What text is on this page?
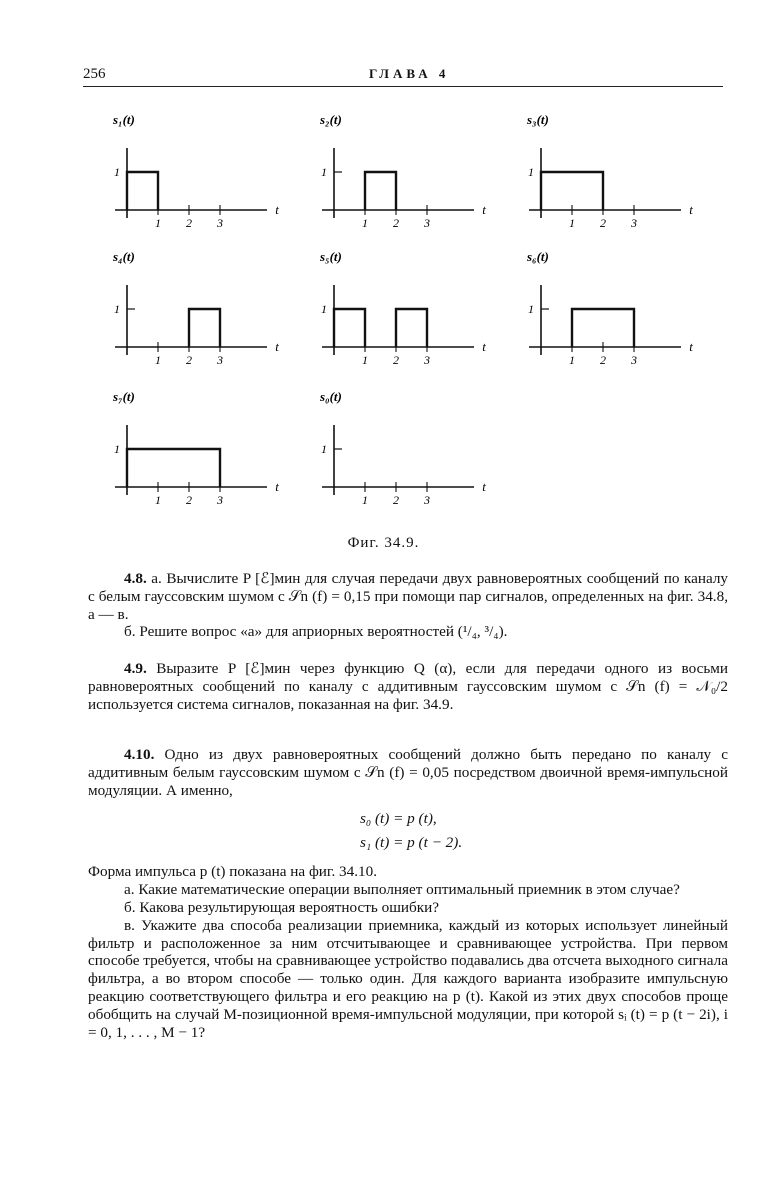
256	ГЛАВА 4
1
1 2 3
t
s₁(t)
1
1 2 3
t
s₂(t)
1
1 2 3
t
s₃(t)
1
1 2 3
t
s₄(t)
1
1 2 3
t
s₅(t)
1
1 2 3
t
s₆(t)
1
1 2 3
t
s₇(t)
1
1 2 3
t
s₀(t)
Фиг. 34.9.

4.8. а. Вычислите P [ℰ]мин для случая передачи двух равновероятных сообщений по каналу с белым гауссовским шумом с 𝒮n (f) = 0,15 при помощи пар сигналов, определенных на фиг. 34.8, а — в.

б. Решите вопрос «а» для априорных вероятностей (¹/₄, ³/₄).

4.9. Выразите P [ℰ]мин через функцию Q (α), если для передачи одного из восьми равновероятных сообщений по каналу с аддитивным гауссовским шумом с 𝒮n (f) = 𝒩₀/2 используется система сигналов, показанная на фиг. 34.9.

4.10. Одно из двух равновероятных сообщений должно быть передано по каналу с аддитивным белым гауссовским шумом с 𝒮n (f) = 0,05 посредством двоичной время-импульсной модуляции. А именно,

s₀ (t) = p (t),
s₁ (t) = p (t − 2).

Форма импульса p (t) показана на фиг. 34.10.

а. Какие математические операции выполняет оптимальный приемник в этом случае?

б. Какова результирующая вероятность ошибки?

в. Укажите два способа реализации приемника, каждый из которых использует линейный фильтр и расположенное за ним отсчитывающее и сравнивающее устройства. При первом способе требуется, чтобы на сравнивающее устройство подавались два отсчета выходного сигнала фильтра, а во втором способе — только один. Для каждого варианта изобразите импульсную реакцию соответствующего фильтра и его реакцию на p (t). Какой из этих двух способов проще обобщить на случай M-позиционной время-импульсной модуляции, при которой sᵢ (t) = p (t − 2i), i = 0, 1, . . . , M − 1?
